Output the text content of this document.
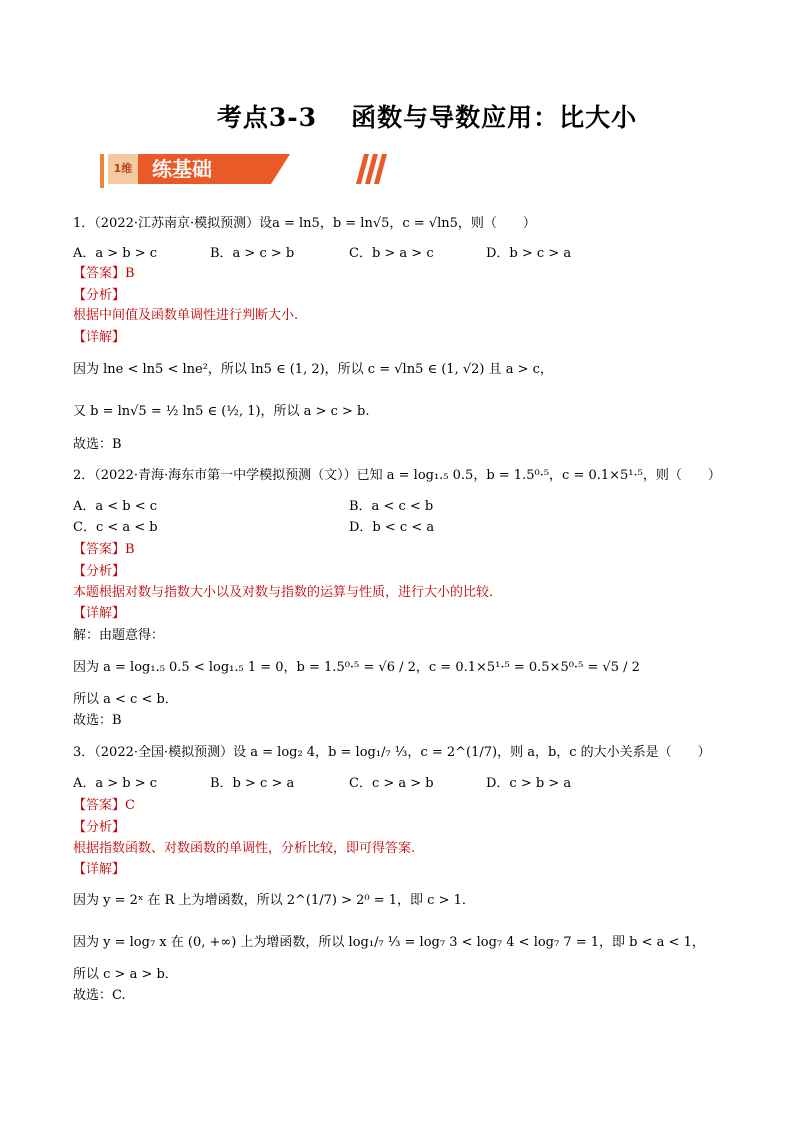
考点3-3 函数与导数应用：比大小
1维 练基础
1．（2022·江苏南京·模拟预测）设a = ln5，b = ln√5，c = √ln5，则（　　）
A．a > b > c	B．a > c > b	C．b > a > c	D．b > c > a
【答案】B
【分析】
根据中间值及函数单调性进行判断大小.
【详解】
因为 lne < ln5 < lne²，所以 ln5 ∈ (1, 2)，所以 c = √ln5 ∈ (1, √2) 且 a > c，
又 b = ln√5 = ½ ln5 ∈ (½, 1)，所以 a > c > b.
故选：B
2．（2022·青海·海东市第一中学模拟预测（文））已知 a = log₁.₅ 0.5，b = 1.5⁰·⁵，c = 0.1×5¹·⁵，则（　　）
A．a < b < c	B．a < c < b
C．c < a < b	D．b < c < a
【答案】B
【分析】
本题根据对数与指数大小以及对数与指数的运算与性质，进行大小的比较．
【详解】
解：由题意得：
因为 a = log₁.₅ 0.5 < log₁.₅ 1 = 0，b = 1.5⁰·⁵ = √6 / 2，c = 0.1×5¹·⁵ = 0.5×5⁰·⁵ = √5 / 2
所以 a < c < b．
故选：B
3．（2022·全国·模拟预测）设 a = log₂ 4，b = log₁/₇ ⅓，c = 2^(1/7)，则 a，b，c 的大小关系是（　　）
A．a > b > c	B．b > c > a	C．c > a > b	D．c > b > a
【答案】C
【分析】
根据指数函数、对数函数的单调性，分析比较，即可得答案.
【详解】
因为 y = 2ˣ 在 R 上为增函数，所以 2^(1/7) > 2⁰ = 1，即 c > 1．
因为 y = log₇ x 在 (0, +∞) 上为增函数，所以 log₁/₇ ⅓ = log₇ 3 < log₇ 4 < log₇ 7 = 1，即 b < a < 1，
所以 c > a > b．
故选：C.
